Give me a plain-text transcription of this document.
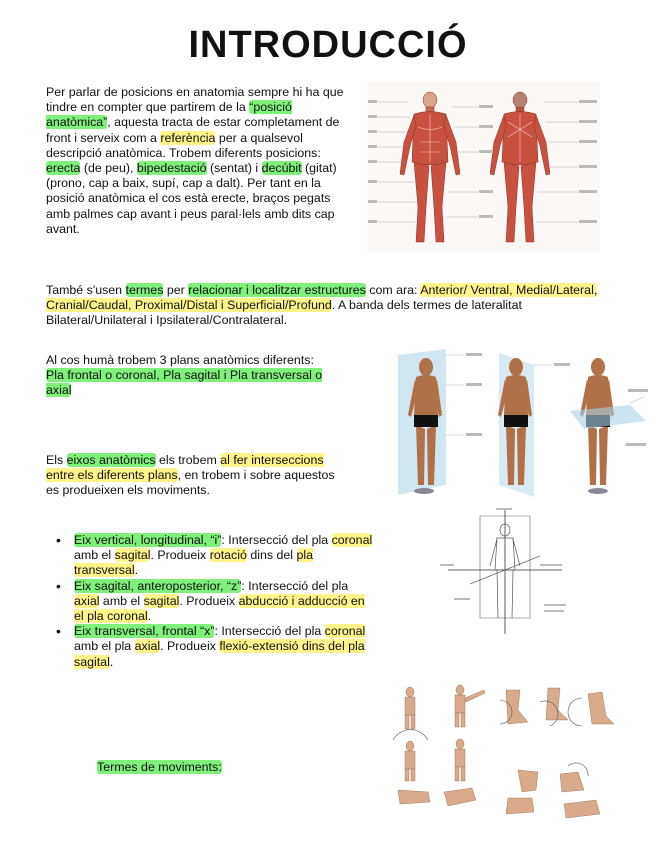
INTRODUCCIÓ
Per parlar de posicions en anatomia sempre hi ha que tindre en compter que partirem de la “posició anatòmica”, aquesta tracta de estar completament de front i serveix com a referència per a qualsevol descripció anatòmica. Trobem diferents posicions: erecta (de peu), bipedestació (sentat) i decúbit (gitat)(prono, cap a baix, supí, cap a dalt). Per tant en la posició anatòmica el cos està erecte, braços pegats amb palmes cap avant i peus paral·lels amb dits cap avant.
També s'usen termes per relacionar i localitzar estructures com ara: Anterior/ Ventral, Medial/Lateral, Cranial/Caudal, Proximal/Distal i Superficial/Profund. A banda dels termes de lateralitat Bilateral/Unilateral i Ipsilateral/Contralateral.
Al cos humà trobem 3 plans anatòmics diferents:
Pla frontal o coronal, Pla sagital i Pla transversal o axial
Els eixos anatòmics els trobem al fer interseccions entre els diferents plans, en trobem i sobre aquestos es produeixen els moviments.
• Eix vertical, longitudinal, “i”: Intersecció del pla coronal amb el sagital. Produeix rotació dins del pla transversal.
• Eix sagital, anteroposterior, “z”: Intersecció del pla axial amb el sagital. Produeix abducció i adducció en el pla coronal.
• Eix transversal, frontal “x”: Intersecció del pla coronal amb el pla axial. Produeix flexió-extensió dins del pla sagital.
Termes de moviments:
